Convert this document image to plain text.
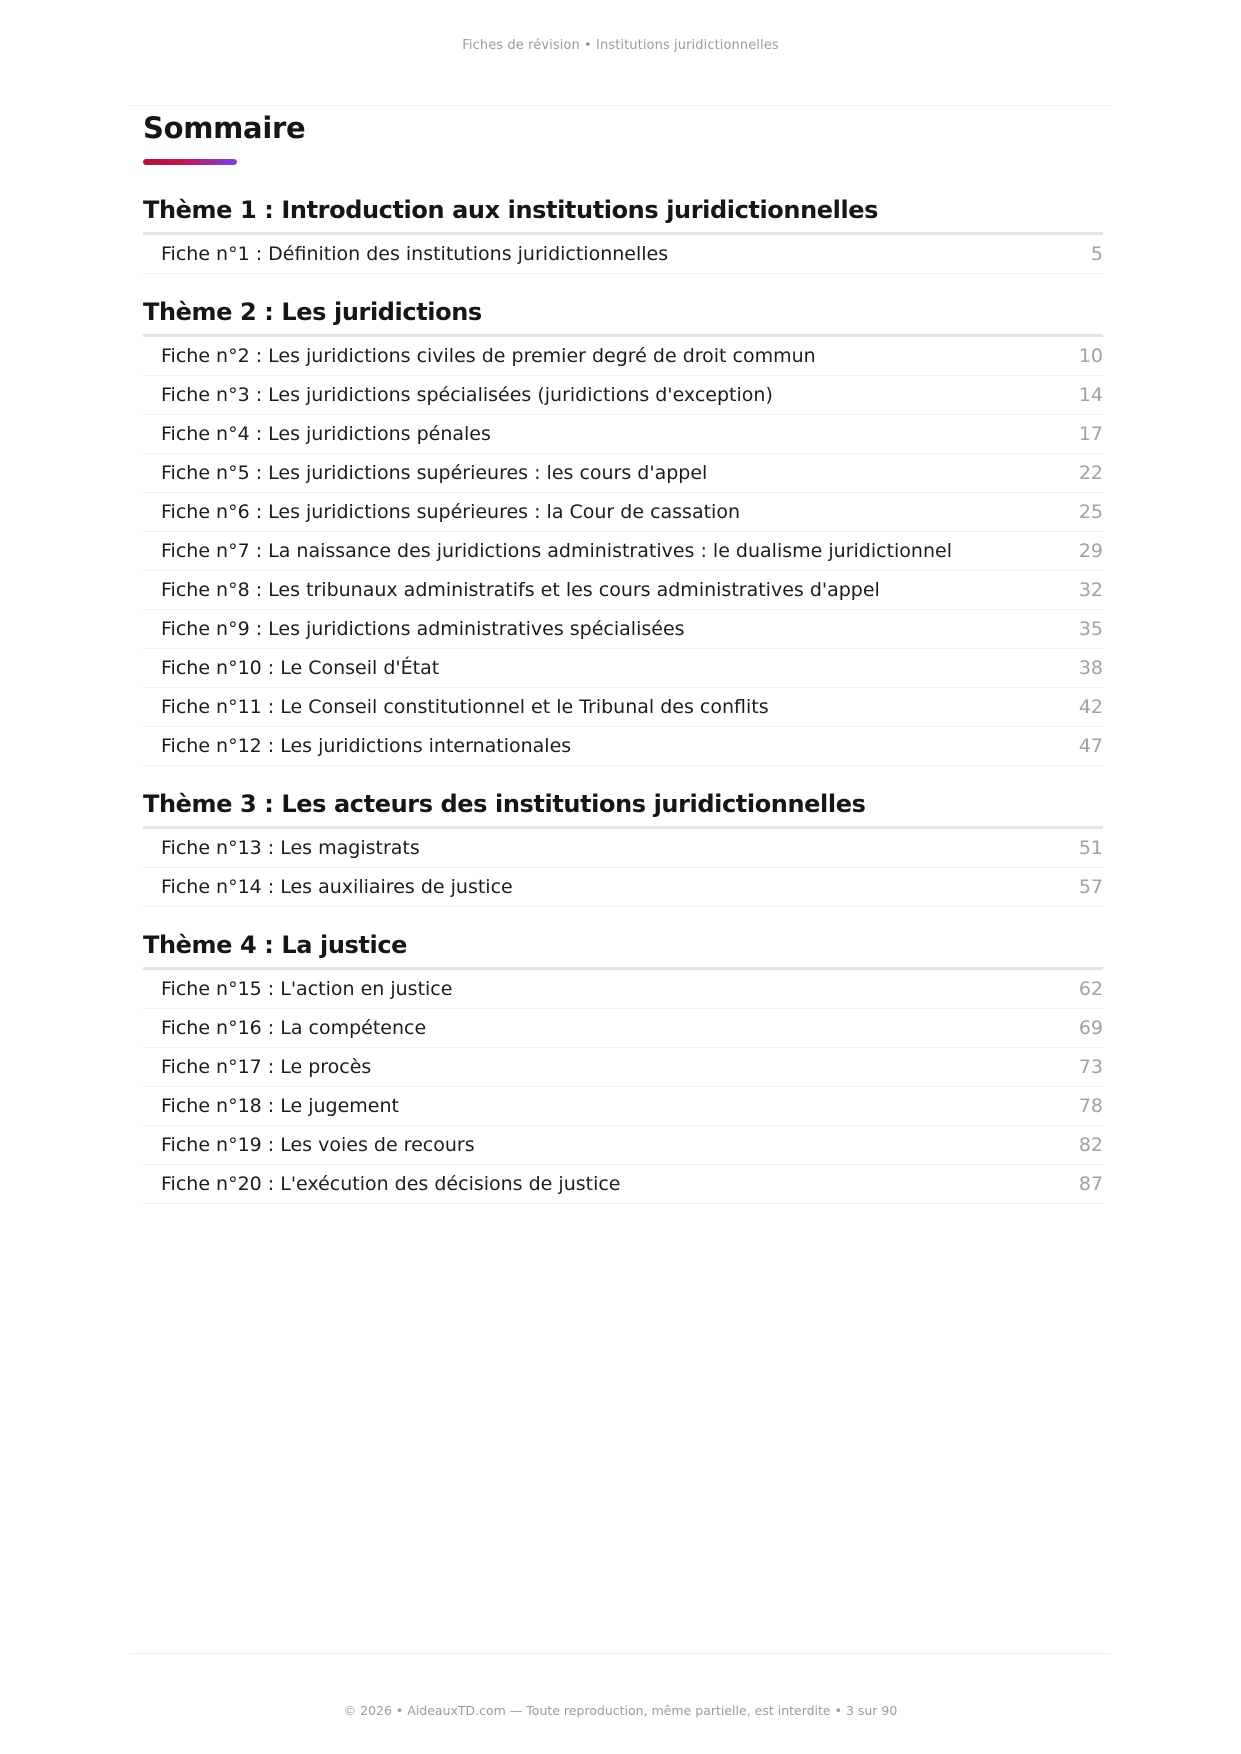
Fiches de révision • Institutions juridictionnelles
Sommaire
Thème 1 : Introduction aux institutions juridictionnelles
Fiche n°1 : Définition des institutions juridictionnelles	5
Thème 2 : Les juridictions
Fiche n°2 : Les juridictions civiles de premier degré de droit commun	10
Fiche n°3 : Les juridictions spécialisées (juridictions d'exception)	14
Fiche n°4 : Les juridictions pénales	17
Fiche n°5 : Les juridictions supérieures : les cours d'appel	22
Fiche n°6 : Les juridictions supérieures : la Cour de cassation	25
Fiche n°7 : La naissance des juridictions administratives : le dualisme juridictionnel	29
Fiche n°8 : Les tribunaux administratifs et les cours administratives d'appel	32
Fiche n°9 : Les juridictions administratives spécialisées	35
Fiche n°10 : Le Conseil d'État	38
Fiche n°11 : Le Conseil constitutionnel et le Tribunal des conflits	42
Fiche n°12 : Les juridictions internationales	47
Thème 3 : Les acteurs des institutions juridictionnelles
Fiche n°13 : Les magistrats	51
Fiche n°14 : Les auxiliaires de justice	57
Thème 4 : La justice
Fiche n°15 : L'action en justice	62
Fiche n°16 : La compétence	69
Fiche n°17 : Le procès	73
Fiche n°18 : Le jugement	78
Fiche n°19 : Les voies de recours	82
Fiche n°20 : L'exécution des décisions de justice	87
© 2026 • AideauxTD.com — Toute reproduction, même partielle, est interdite • 3 sur 90
